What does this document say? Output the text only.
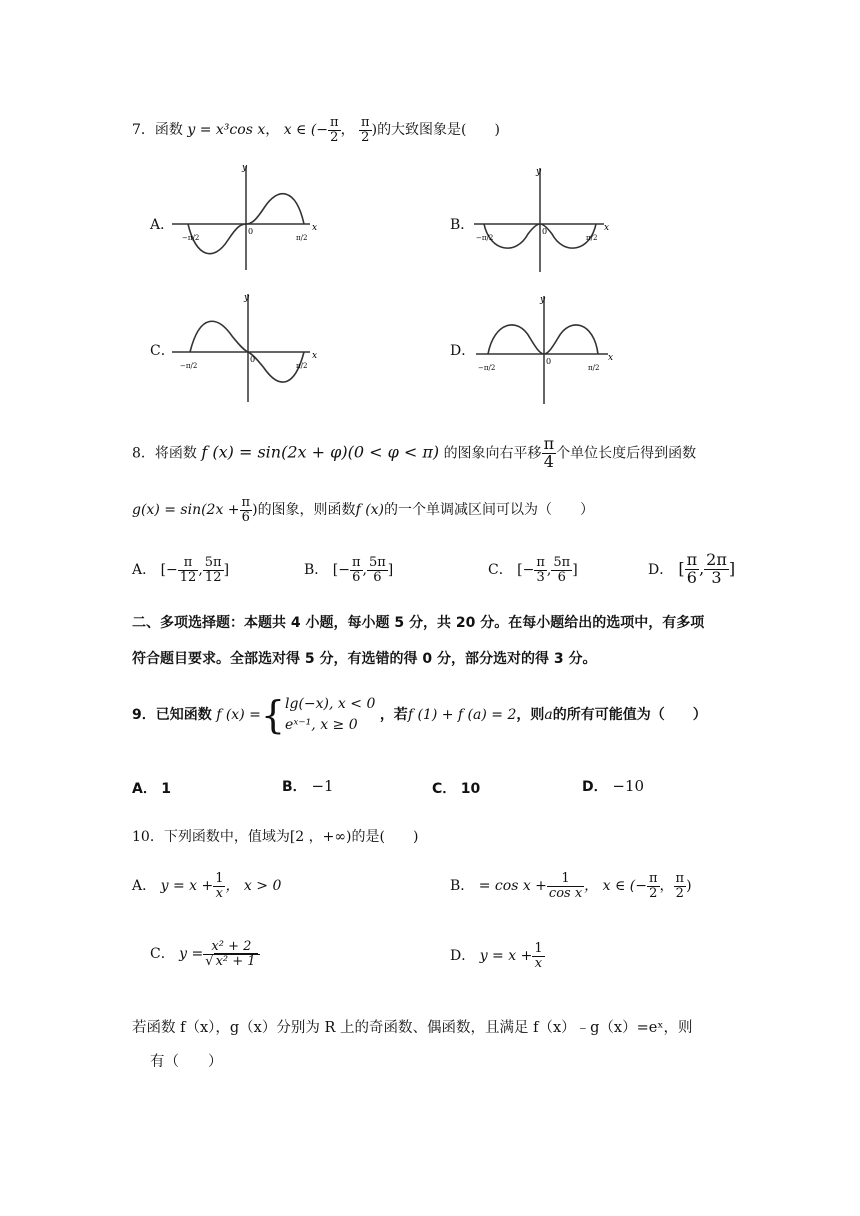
7．函数 y = x³cos x， x ∈ (− $\frac{\pi}{2}$ ， $\frac{\pi}{2}$ )的大致图象是(　　)
A．	B．
C．	D．
y
x
0
−π/2	π/2
y
x
0
−π/2	π/2
y
x
0
−π/2	π/2
y
x
0
−π/2	π/2
8．将函数 f (x) = sin(2x + φ)(0 < φ < π) 的图象向右平移 $\frac{\pi}{4}$ 个单位长度后得到函数
$g(x) = \sin(2x + \frac{\pi}{6}$ )的图象，则函数f (x)的一个单调减区间可以为（　　）
A． [− $\frac{\pi}{12}$ , $\frac{5\pi}{12}$ ]	B． [− $\frac{\pi}{6}$ , $\frac{5\pi}{6}$ ]	C． [− $\frac{\pi}{3}$ , $\frac{5\pi}{6}$ ]	D． [ $\frac{\pi}{6}$ , $\frac{2\pi}{3}$ ]
二、多项选择题：本题共 4 小题，每小题 5 分，共 20 分。在每小题给出的选项中，有多项
符合题目要求。全部选对得 5 分，有选错的得 0 分，部分选对的得 3 分。
9．已知函数 f (x) ={ lg(−x), x < 0
eˣ⁻¹, x ≥ 0
，若f (1) + f (a) = 2，则a的所有可能值为（　　）
A． 1	B． −1	C． 10	D． −10
10．下列函数中，值域为[2 ，+∞)的是(　　)
A． $y = x + \frac{1}{x}$ ， x > 0	B． = $\cos x + \frac{1}{\text{cos x}}$ ， x ∈ (− $\frac{\pi}{2}$ ， $\frac{\pi}{2}$ )
C． $y = \frac{\text{x² + 2}}{\text{√ x² + 1}}$	D． $y = x + \frac{1}{x}$
若函数 f（x），g（x）分别为 R 上的奇函数、偶函数，且满足 f（x）﹣g（x）=eˣ，则
有（　　）
